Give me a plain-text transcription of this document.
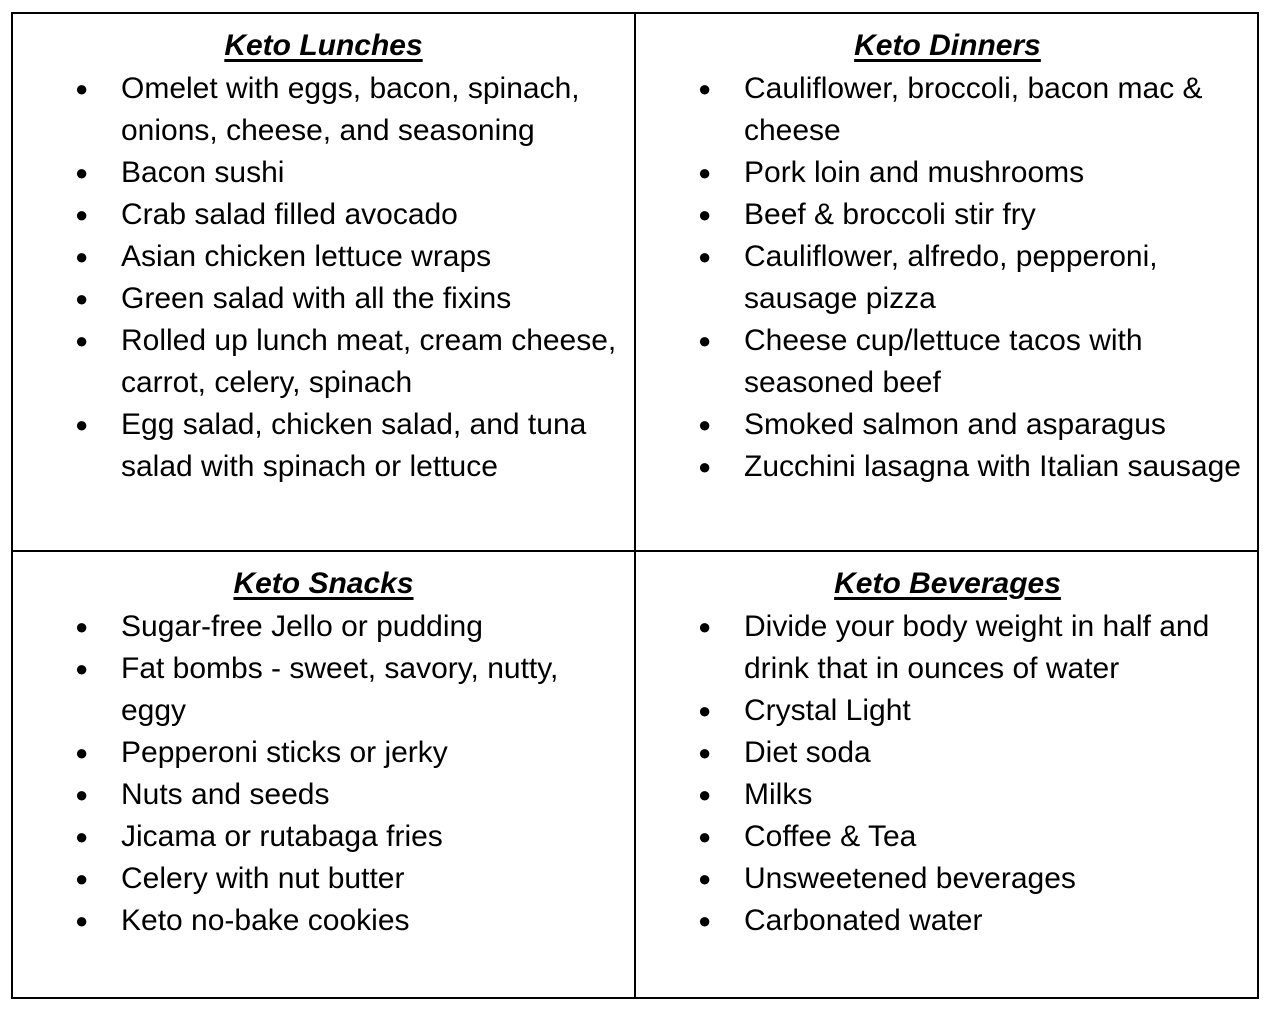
Keto Lunches
● Omelet with eggs, bacon, spinach, onions, cheese, and seasoning
● Bacon sushi
● Crab salad filled avocado
● Asian chicken lettuce wraps
● Green salad with all the fixins
● Rolled up lunch meat, cream cheese, carrot, celery, spinach
● Egg salad, chicken salad, and tuna salad with spinach or lettuce
Keto Dinners
● Cauliflower, broccoli, bacon mac & cheese
● Pork loin and mushrooms
● Beef & broccoli stir fry
● Cauliflower, alfredo, pepperoni, sausage pizza
● Cheese cup/lettuce tacos with seasoned beef
● Smoked salmon and asparagus
● Zucchini lasagna with Italian sausage
Keto Snacks
● Sugar-free Jello or pudding
● Fat bombs - sweet, savory, nutty, eggy
● Pepperoni sticks or jerky
● Nuts and seeds
● Jicama or rutabaga fries
● Celery with nut butter
● Keto no-bake cookies
Keto Beverages
● Divide your body weight in half and drink that in ounces of water
● Crystal Light
● Diet soda
● Milks
● Coffee & Tea
● Unsweetened beverages
● Carbonated water
